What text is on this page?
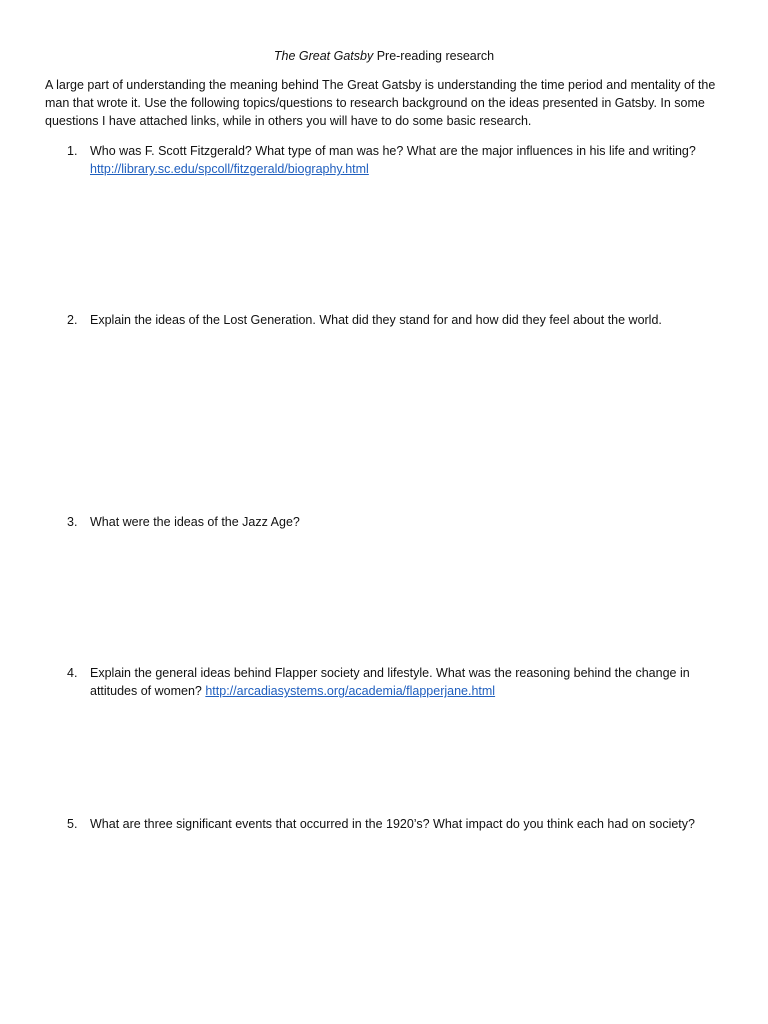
The Great Gatsby Pre-reading research
A large part of understanding the meaning behind The Great Gatsby is understanding the time period and mentality of the man that wrote it. Use the following topics/questions to research background on the ideas presented in Gatsby. In some questions I have attached links, while in others you will have to do some basic research.
1. Who was F. Scott Fitzgerald? What type of man was he? What are the major influences in his life and writing?
http://library.sc.edu/spcoll/fitzgerald/biography.html
2. Explain the ideas of the Lost Generation. What did they stand for and how did they feel about the world.
3. What were the ideas of the Jazz Age?
4. Explain the general ideas behind Flapper society and lifestyle. What was the reasoning behind the change in attitudes of women? http://arcadiasystems.org/academia/flapperjane.html
5. What are three significant events that occurred in the 1920’s? What impact do you think each had on society?
